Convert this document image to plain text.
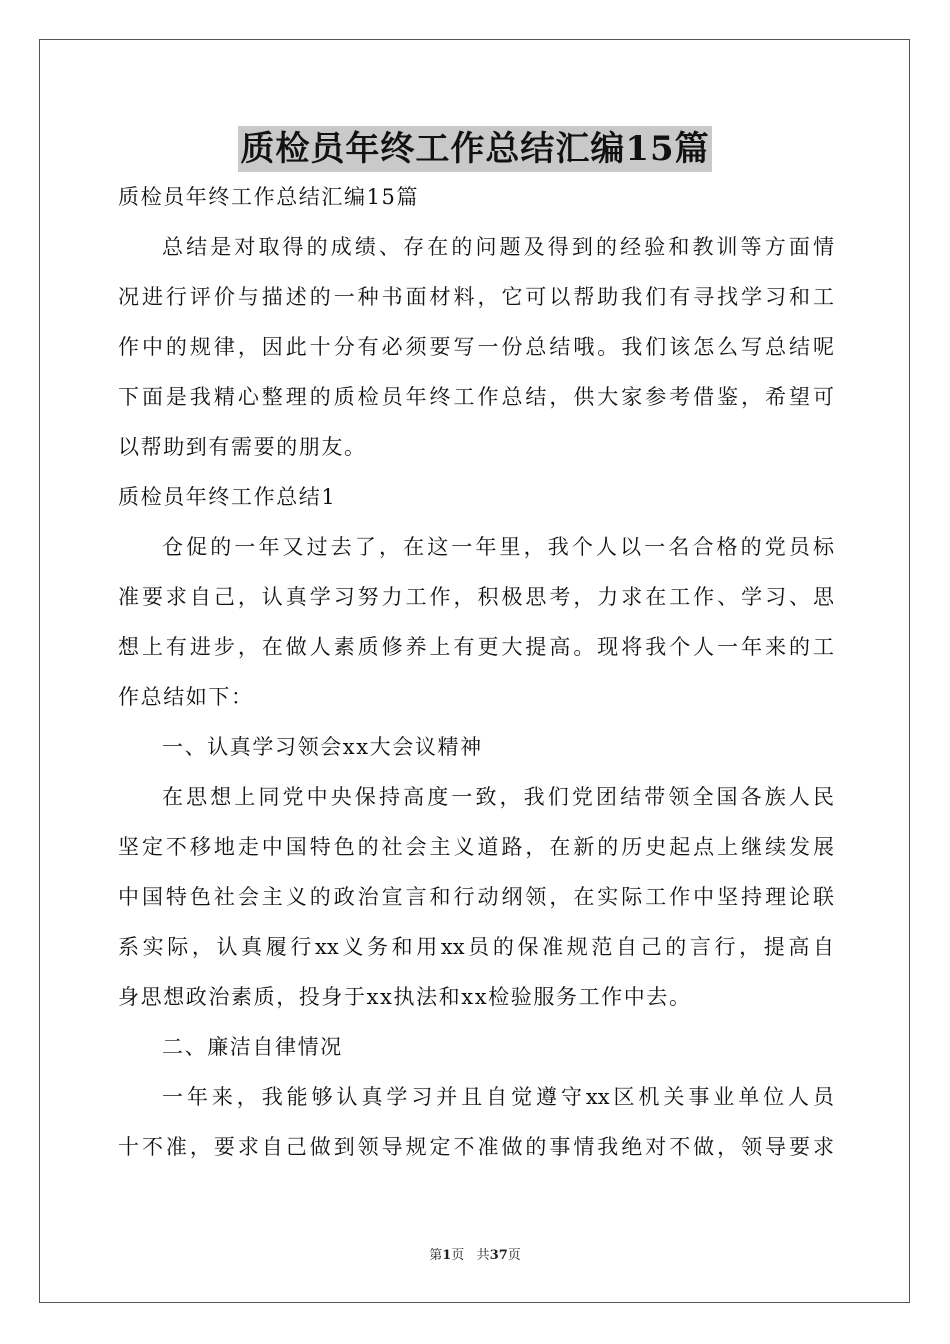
质检员年终工作总结汇编15篇
质检员年终工作总结汇编15篇
总结是对取得的成绩、存在的问题及得到的经验和教训等方面情
况进行评价与描述的一种书面材料，它可以帮助我们有寻找学习和工
作中的规律，因此十分有必须要写一份总结哦。我们该怎么写总结呢
下面是我精心整理的质检员年终工作总结，供大家参考借鉴，希望可
以帮助到有需要的朋友。
质检员年终工作总结1
仓促的一年又过去了，在这一年里，我个人以一名合格的党员标
准要求自己，认真学习努力工作，积极思考，力求在工作、学习、思
想上有进步，在做人素质修养上有更大提高。现将我个人一年来的工
作总结如下：
一、认真学习领会xx大会议精神
在思想上同党中央保持高度一致，我们党团结带领全国各族人民
坚定不移地走中国特色的社会主义道路，在新的历史起点上继续发展
中国特色社会主义的政治宣言和行动纲领，在实际工作中坚持理论联
系实际，认真履行xx义务和用xx员的保准规范自己的言行，提高自
身思想政治素质，投身于xx执法和xx检验服务工作中去。
二、廉洁自律情况
一年来，我能够认真学习并且自觉遵守xx区机关事业单位人员
十不准，要求自己做到领导规定不准做的事情我绝对不做，领导要求
第1页 共37页
